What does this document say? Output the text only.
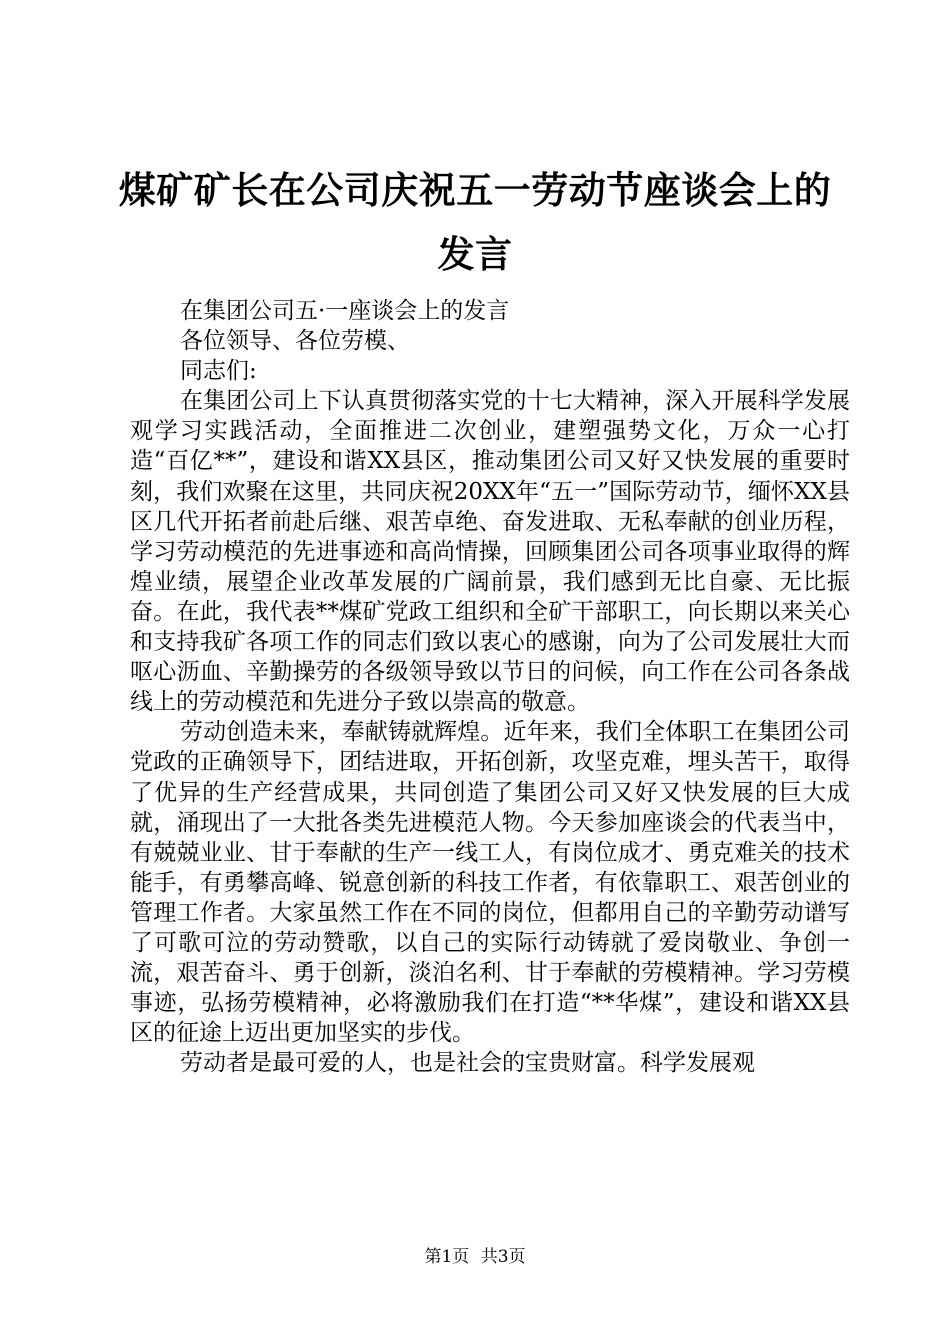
煤矿矿长在公司庆祝五一劳动节座谈会上的发言

在集团公司五·一座谈会上的发言

各位领导、各位劳模、

同志们:

在集团公司上下认真贯彻落实党的十七大精神，深入开展科学发展观学习实践活动，全面推进二次创业，建塑强势文化，万众一心打造“百亿**”，建设和谐XX县区，推动集团公司又好又快发展的重要时刻，我们欢聚在这里，共同庆祝20XX年“五一”国际劳动节，缅怀XX县区几代开拓者前赴后继、艰苦卓绝、奋发进取、无私奉献的创业历程，学习劳动模范的先进事迹和高尚情操，回顾集团公司各项事业取得的辉煌业绩，展望企业改革发展的广阔前景，我们感到无比自豪、无比振奋。在此，我代表**煤矿党政工组织和全矿干部职工，向长期以来关心和支持我矿各项工作的同志们致以衷心的感谢，向为了公司发展壮大而呕心沥血、辛勤操劳的各级领导致以节日的问候，向工作在公司各条战线上的劳动模范和先进分子致以崇高的敬意。

劳动创造未来，奉献铸就辉煌。近年来，我们全体职工在集团公司党政的正确领导下，团结进取，开拓创新，攻坚克难，埋头苦干，取得了优异的生产经营成果，共同创造了集团公司又好又快发展的巨大成就，涌现出了一大批各类先进模范人物。今天参加座谈会的代表当中，有兢兢业业、甘于奉献的生产一线工人，有岗位成才、勇克难关的技术能手，有勇攀高峰、锐意创新的科技工作者，有依靠职工、艰苦创业的管理工作者。大家虽然工作在不同的岗位，但都用自己的辛勤劳动谱写了可歌可泣的劳动赞歌，以自己的实际行动铸就了爱岗敬业、争创一流，艰苦奋斗、勇于创新，淡泊名利、甘于奉献的劳模精神。学习劳模事迹，弘扬劳模精神，必将激励我们在打造“**华煤”，建设和谐XX县区的征途上迈出更加坚实的步伐。

劳动者是最可爱的人，也是社会的宝贵财富。科学发展观

第1页 共3页
